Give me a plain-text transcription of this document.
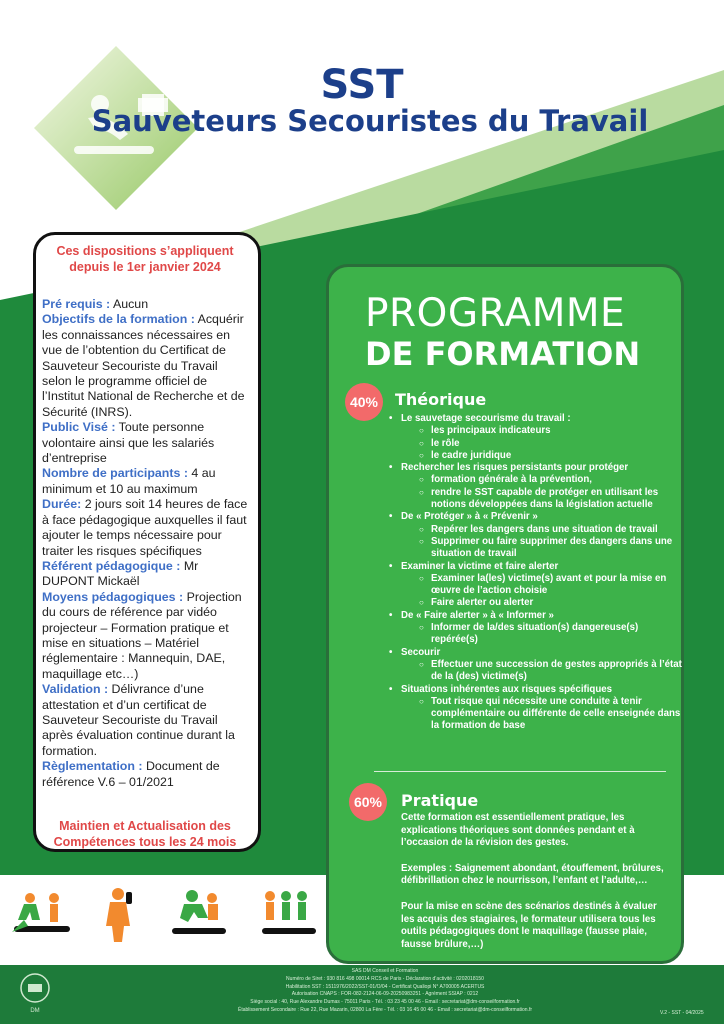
SST
Sauveteurs Secouristes du Travail
Ces dispositions s’appliquent depuis le 1er janvier 2024

Pré requis : Aucun

Objectifs de la formation : Acquérir les connaissances nécessaires en vue de l’obtention du Certificat de Sauveteur Secouriste du Travail selon le programme officiel de l’Institut National de Recherche et de Sécurité (INRS).

Public Visé : Toute personne volontaire ainsi que les salariés d’entreprise

Nombre de participants : 4 au minimum et 10 au maximum

Durée: 2 jours soit 14 heures de face à face pédagogique auxquelles il faut ajouter le temps nécessaire pour traiter les risques spécifiques

Référent pédagogique : Mr DUPONT Mickaël

Moyens pédagogiques : Projection du cours de référence par vidéo projecteur – Formation pratique et mise en situations – Matériel réglementaire : Mannequin, DAE, maquillage etc…)

Validation : Délivrance d’une attestation et d’un certificat de Sauveteur Secouriste du Travail après évaluation continue durant la formation.

Règlementation : Document de référence V.6 – 01/2021

Maintien et Actualisation des Compétences tous les 24 mois
PROGRAMME
DE FORMATION
40%	Théorique
• Le sauvetage secourisme du travail :
○ les principaux indicateurs
○ le rôle
○ le cadre juridique
• Rechercher les risques persistants pour protéger
○ formation générale à la prévention,
○ rendre le SST capable de protéger en utilisant les notions développées dans la législation actuelle
• De « Protéger » à « Prévenir »
○ Repérer les dangers dans une situation de travail
○ Supprimer ou faire supprimer des dangers dans une situation de travail
• Examiner la victime et faire alerter
○ Examiner la(les) victime(s) avant et pour la mise en œuvre de l’action choisie
○ Faire alerter ou alerter
• De « Faire alerter » à « Informer »
○ Informer de la/des situation(s) dangereuse(s) repérée(s)
• Secourir
○ Effectuer une succession de gestes appropriés à l’état de la (des) victime(s)
• Situations inhérentes aux risques spécifiques
○ Tout risque qui nécessite une conduite à tenir complémentaire ou différente de celle enseignée dans la formation de base
60%	Pratique

Cette formation est essentiellement pratique, les explications théoriques sont données pendant et à l’occasion de la révision des gestes.

Exemples : Saignement abondant, étouffement, brûlures, défibrillation chez le nourrisson, l’enfant et l’adulte,…

Pour la mise en scène des scénarios destinés à évaluer les acquis des stagiaires, le formateur utilisera tous les outils pédagogiques dont le maquillage (fausse plaie, fausse brûlure,…)

DM
SAS DM Conseil et Formation
Numéro de Siret : 930 816 498 00014 RCS de Paris - Déclaration d’activité : 0202018150
Habilitation SST : 1511976/2022/SST-01/O/04 - Certificat Qualiopi N° A700005 ACERTUS
Autorisation CNAPS : FOR-082-2124-06-09-20250983251 - Agrément SSIAP : 0212
Siège social : 40, Rue Alexandre Dumas - 75011 Paris - Tél. : 03 23 45 00 46 - Email : secretariat@dm-conseilformation.fr
Établissement Secondaire : Rue 22, Rue Mazarin, 02800 La Fère - Tél. : 03 16 45 00 46 - Email : secretariat@dm-conseilformation.fr
V.2 - SST - 04/2025
